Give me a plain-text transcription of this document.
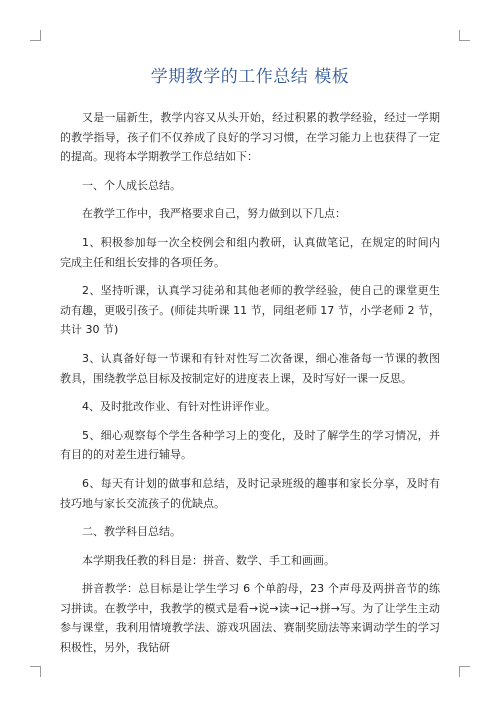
学期教学的工作总结 模板

又是一届新生，教学内容又从头开始，经过积累的教学经验，经过一学期的教学指导，孩子们不仅养成了良好的学习习惯，在学习能力上也获得了一定的提高。现将本学期教学工作总结如下：

一、个人成长总结。

在教学工作中，我严格要求自己，努力做到以下几点：

1、积极参加每一次全校例会和组内教研，认真做笔记，在规定的时间内完成主任和组长安排的各项任务。

2、坚持听课，认真学习徒弟和其他老师的教学经验，使自己的课堂更生动有趣，更吸引孩子。(师徒共听课 11 节，同组老师 17 节，小学老师 2 节，共计 30 节)

3、认真备好每一节课和有针对性写二次备课，细心准备每一节课的教图教具，围绕教学总目标及按制定好的进度表上课，及时写好一课一反思。

4、及时批改作业、有针对性讲评作业。

5、细心观察每个学生各种学习上的变化，及时了解学生的学习情况，并有目的的对差生进行辅导。

6、每天有计划的做事和总结，及时记录班级的趣事和家长分享，及时有技巧地与家长交流孩子的优缺点。

二、教学科目总结。

本学期我任教的科目是：拼音、数学、手工和画画。

拼音教学：总目标是让学生学习 6 个单韵母，23 个声母及两拼音节的练习拼读。在教学中，我教学的模式是看→说→读→记→拼→写。为了让学生主动参与课堂，我利用情境教学法、游戏巩固法、赛制奖励法等来调动学生的学习积极性，另外，我钻研
